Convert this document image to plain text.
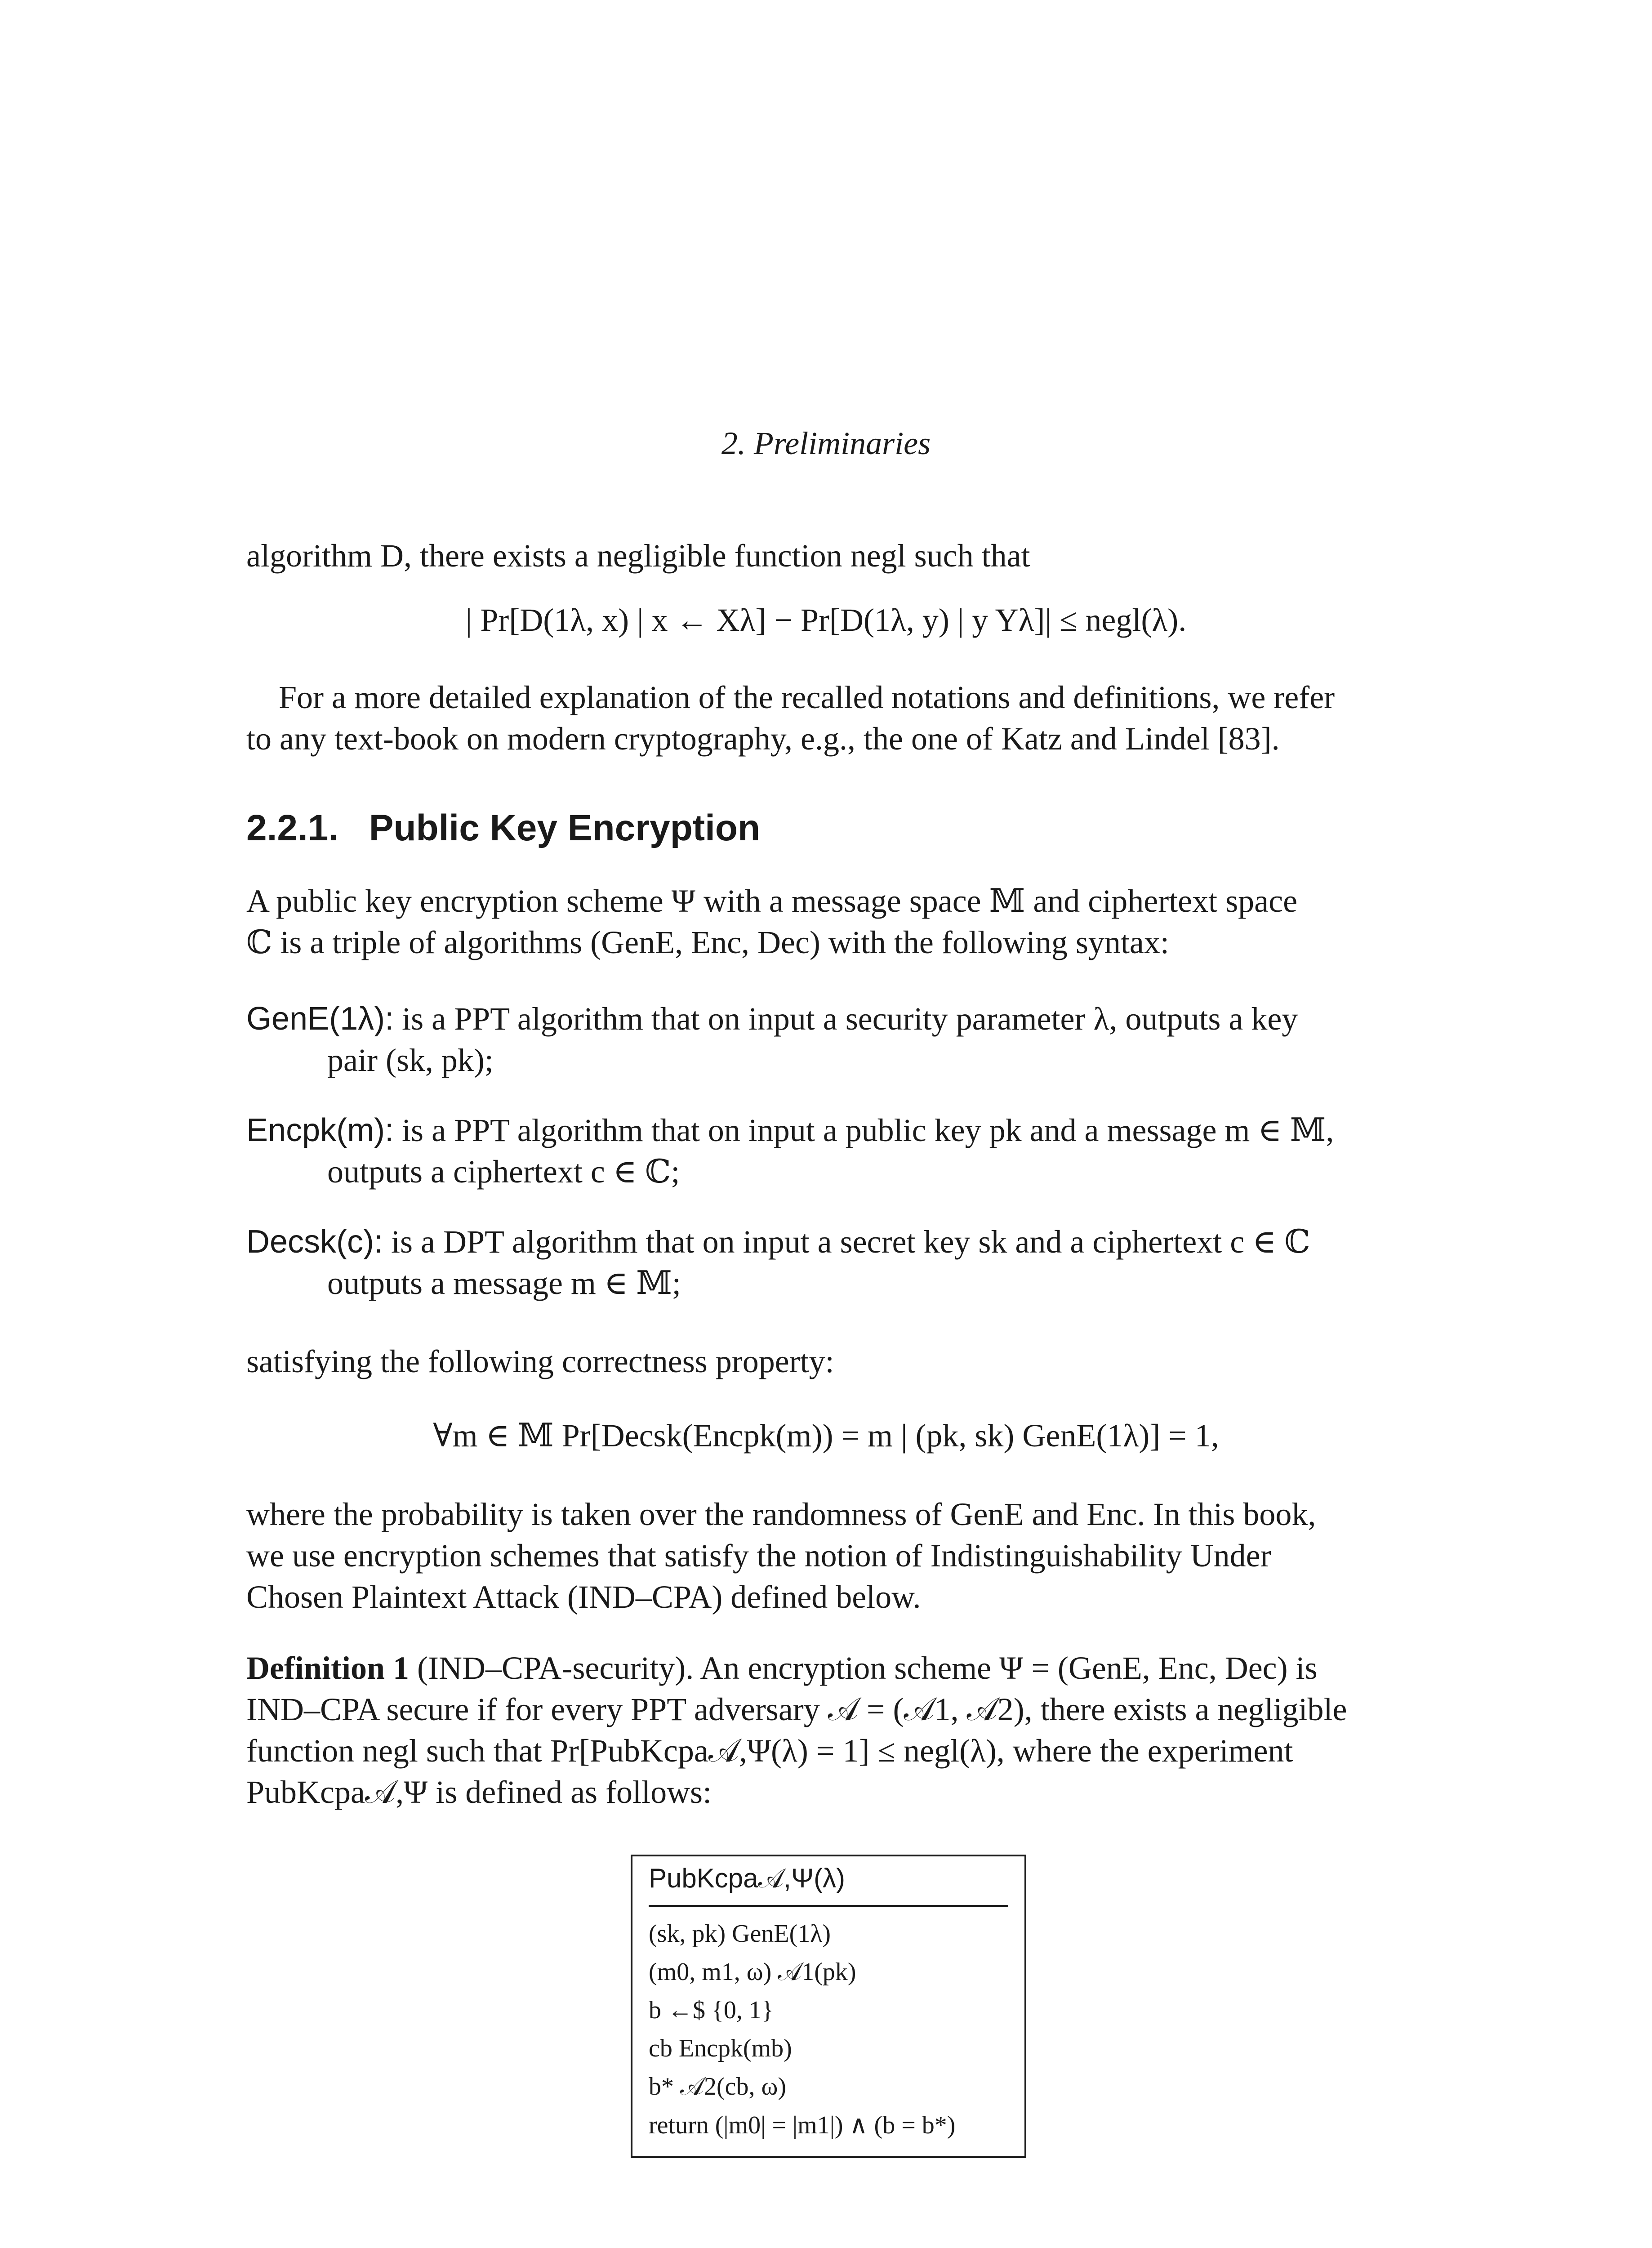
2. Preliminaries
algorithm D, there exists a negligible function negl such that
| Pr[D(1λ, x) | x ← Xλ] − Pr[D(1λ, y) | y Yλ]| ≤ negl(λ).
For a more detailed explanation of the recalled notations and definitions, we refer
to any text-book on modern cryptography, e.g., the one of Katz and Lindel [83].
2.2.1. Public Key Encryption
A public key encryption scheme Ψ with a message space 𝕄 and ciphertext space
ℂ is a triple of algorithms (GenE, Enc, Dec) with the following syntax:
GenE(1λ): is a PPT algorithm that on input a security parameter λ, outputs a key
pair (sk, pk);
Encpk(m): is a PPT algorithm that on input a public key pk and a message m ∈ 𝕄,
outputs a ciphertext c ∈ ℂ;
Decsk(c): is a DPT algorithm that on input a secret key sk and a ciphertext c ∈ ℂ
outputs a message m ∈ 𝕄;
satisfying the following correctness property:
∀m ∈ 𝕄 Pr[Decsk(Encpk(m)) = m | (pk, sk) GenE(1λ)] = 1,
where the probability is taken over the randomness of GenE and Enc. In this book,
we use encryption schemes that satisfy the notion of Indistinguishability Under
Chosen Plaintext Attack (IND–CPA) defined below.
Definition 1 (IND–CPA-security). An encryption scheme Ψ = (GenE, Enc, Dec) is
IND–CPA secure if for every PPT adversary 𝒜 = (𝒜1, 𝒜2), there exists a negligible
function negl such that Pr[PubKcpa𝒜,Ψ(λ) = 1] ≤ negl(λ), where the experiment
PubKcpa𝒜,Ψ is defined as follows:
PubKcpa𝒜,Ψ(λ)
(sk, pk) GenE(1λ)
(m0, m1, ω) 𝒜1(pk)
b ←$ {0, 1}
cb Encpk(mb)
b* 𝒜2(cb, ω)
return (|m0| = |m1|) ∧ (b = b*)
